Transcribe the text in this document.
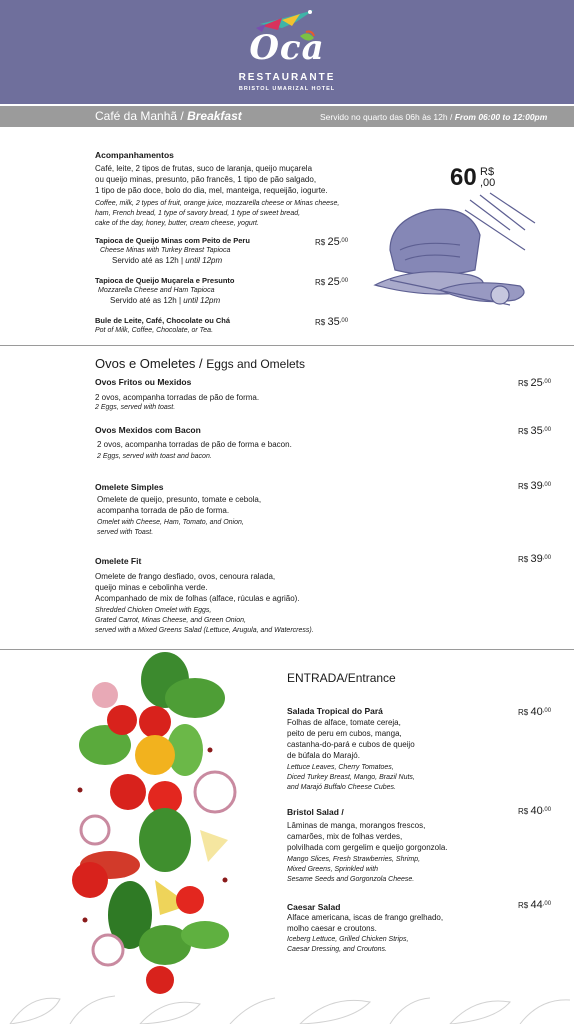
Oca
RESTAURANTE
BRISTOL UMARIZAL HOTEL
Café da Manhã / Breakfast	Servido no quarto das 06h às 12h / From 06:00 to 12:00pm
Acompanhamentos
Café, leite, 2 tipos de frutas, suco de laranja, queijo muçarela
ou queijo minas, presunto, pão francês, 1 tipo de pão salgado,
1 tipo de pão doce, bolo do dia, mel, manteiga, requeijão, iogurte.
Coffee, milk, 2 types of fruit, orange juice, mozzarella cheese or Minas cheese,
ham, French bread, 1 type of savory bread, 1 type of sweet bread,
cake of the day, honey, butter, cream cheese, yogurt.
60 R$
,00
Tapioca de Queijo Minas com Peito de Peru
Cheese Minas with Turkey Breast Tapioca
Servido até as 12h | until 12pm
R$ $25^{,00}$
Tapioca de Queijo Muçarela e Presunto
Mozzarella Cheese and Ham Tapioca
Servido até as 12h | until 12pm
R$ $25^{,00}$
Bule de Leite, Café, Chocolate ou Chá
Pot of Milk, Coffee, Chocolate, or Tea.
R$ $35^{,00}$
Ovos e Omeletes / Eggs and Omelets
Ovos Fritos ou Mexidos
2 ovos, acompanha torradas de pão de forma.
2 Eggs, served with toast.
R$ $25^{,00}$
Ovos Mexidos com Bacon
2 ovos, acompanha torradas de pão de forma e bacon.
2 Eggs, served with toast and bacon.
R$ $35^{,00}$
Omelete Simples
Omelete de queijo, presunto, tomate e cebola,
acompanha torrada de pão de forma.
Omelet with Cheese, Ham, Tomato, and Onion,
served with Toast.
R$ $39^{,00}$
Omelete Fit
Omelete de frango desfiado, ovos, cenoura ralada,
queijo minas e cebolinha verde.
Acompanhado de mix de folhas (alface, rúculas e agrião).
Shredded Chicken Omelet with Eggs,
Grated Carrot, Minas Cheese, and Green Onion,
served with a Mixed Greens Salad (Lettuce, Arugula, and Watercress).
R$ $39^{,00}$
ENTRADA/Entrance
Salada Tropical do Pará
Folhas de alface, tomate cereja,
peito de peru em cubos, manga,
castanha-do-pará e cubos de queijo
de búfala do Marajó.
Lettuce Leaves, Cherry Tomatoes,
Diced Turkey Breast, Mango, Brazil Nuts,
and Marajó Buffalo Cheese Cubes.
R$ $40^{,00}$
Bristol Salad /
Lâminas de manga, morangos frescos,
camarões, mix de folhas verdes,
polvilhada com gergelim e queijo gorgonzola.
Mango Slices, Fresh Strawberries, Shrimp,
Mixed Greens, Sprinkled with
Sesame Seeds and Gorgonzola Cheese.
R$ $40^{,00}$
Caesar Salad
Alface americana, iscas de frango grelhado,
molho caesar e croutons.
Iceberg Lettuce, Grilled Chicken Strips,
Caesar Dressing, and Croutons.
R$ $44^{,00}$
